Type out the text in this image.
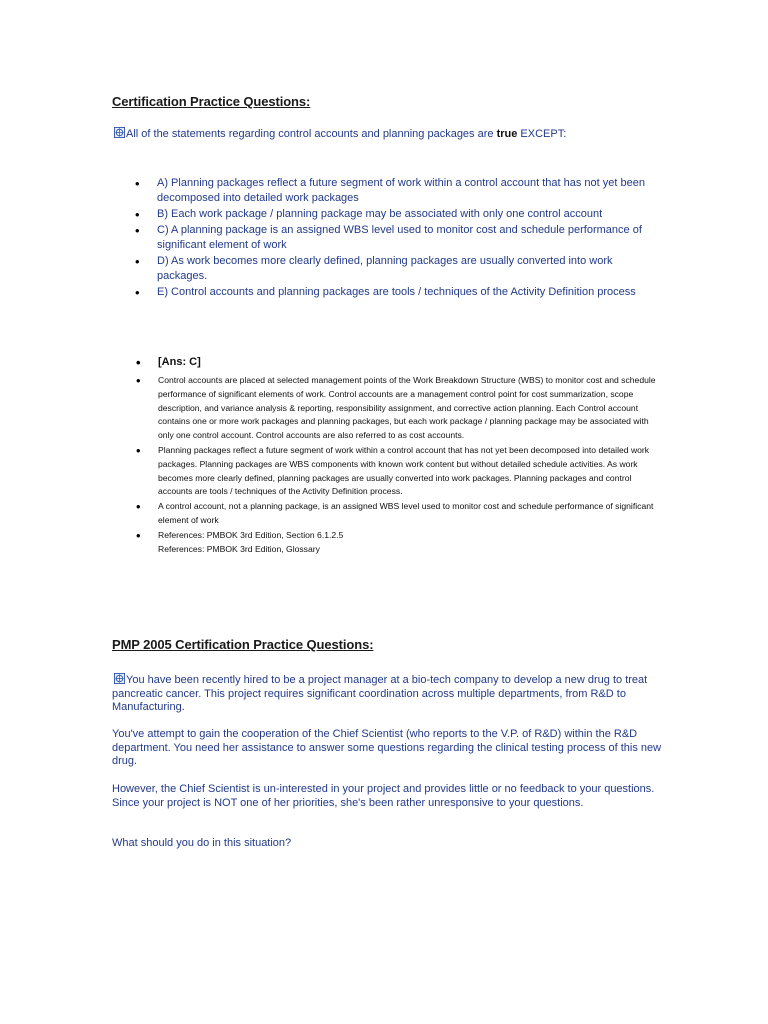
Certification Practice Questions:
All of the statements regarding control accounts and planning packages are true EXCEPT:
• A) Planning packages reflect a future segment of work within a control account that has not yet been decomposed into detailed work packages
• B) Each work package / planning package may be associated with only one control account
• C) A planning package is an assigned WBS level used to monitor cost and schedule performance of significant element of work
• D) As work becomes more clearly defined, planning packages are usually converted into work packages.
• E) Control accounts and planning packages are tools / techniques of the Activity Definition process
• [Ans: C]
• Control accounts are placed at selected management points of the Work Breakdown Structure (WBS) to monitor cost and schedule performance of significant elements of work. Control accounts are a management control point for cost summarization, scope description, and variance analysis & reporting, responsibility assignment, and corrective action planning. Each Control account contains one or more work packages and planning packages, but each work package / planning package may be associated with only one control account. Control accounts are also referred to as cost accounts.
• Planning packages reflect a future segment of work within a control account that has not yet been decomposed into detailed work packages. Planning packages are WBS components with known work content but without detailed schedule activities. As work becomes more clearly defined, planning packages are usually converted into work packages. Planning packages and control accounts are tools / techniques of the Activity Definition process.
• A control account, not a planning package, is an assigned WBS level used to monitor cost and schedule performance of significant element of work
• References: PMBOK 3rd Edition, Section 6.1.2.5
References: PMBOK 3rd Edition, Glossary
PMP 2005 Certification Practice Questions:
You have been recently hired to be a project manager at a bio-tech company to develop a new drug to treat pancreatic cancer. This project requires significant coordination across multiple departments, from R&D to Manufacturing.
You've attempt to gain the cooperation of the Chief Scientist (who reports to the V.P. of R&D) within the R&D department. You need her assistance to answer some questions regarding the clinical testing process of this new drug.
However, the Chief Scientist is un-interested in your project and provides little or no feedback to your questions. Since your project is NOT one of her priorities, she's been rather unresponsive to your questions.
What should you do in this situation?
